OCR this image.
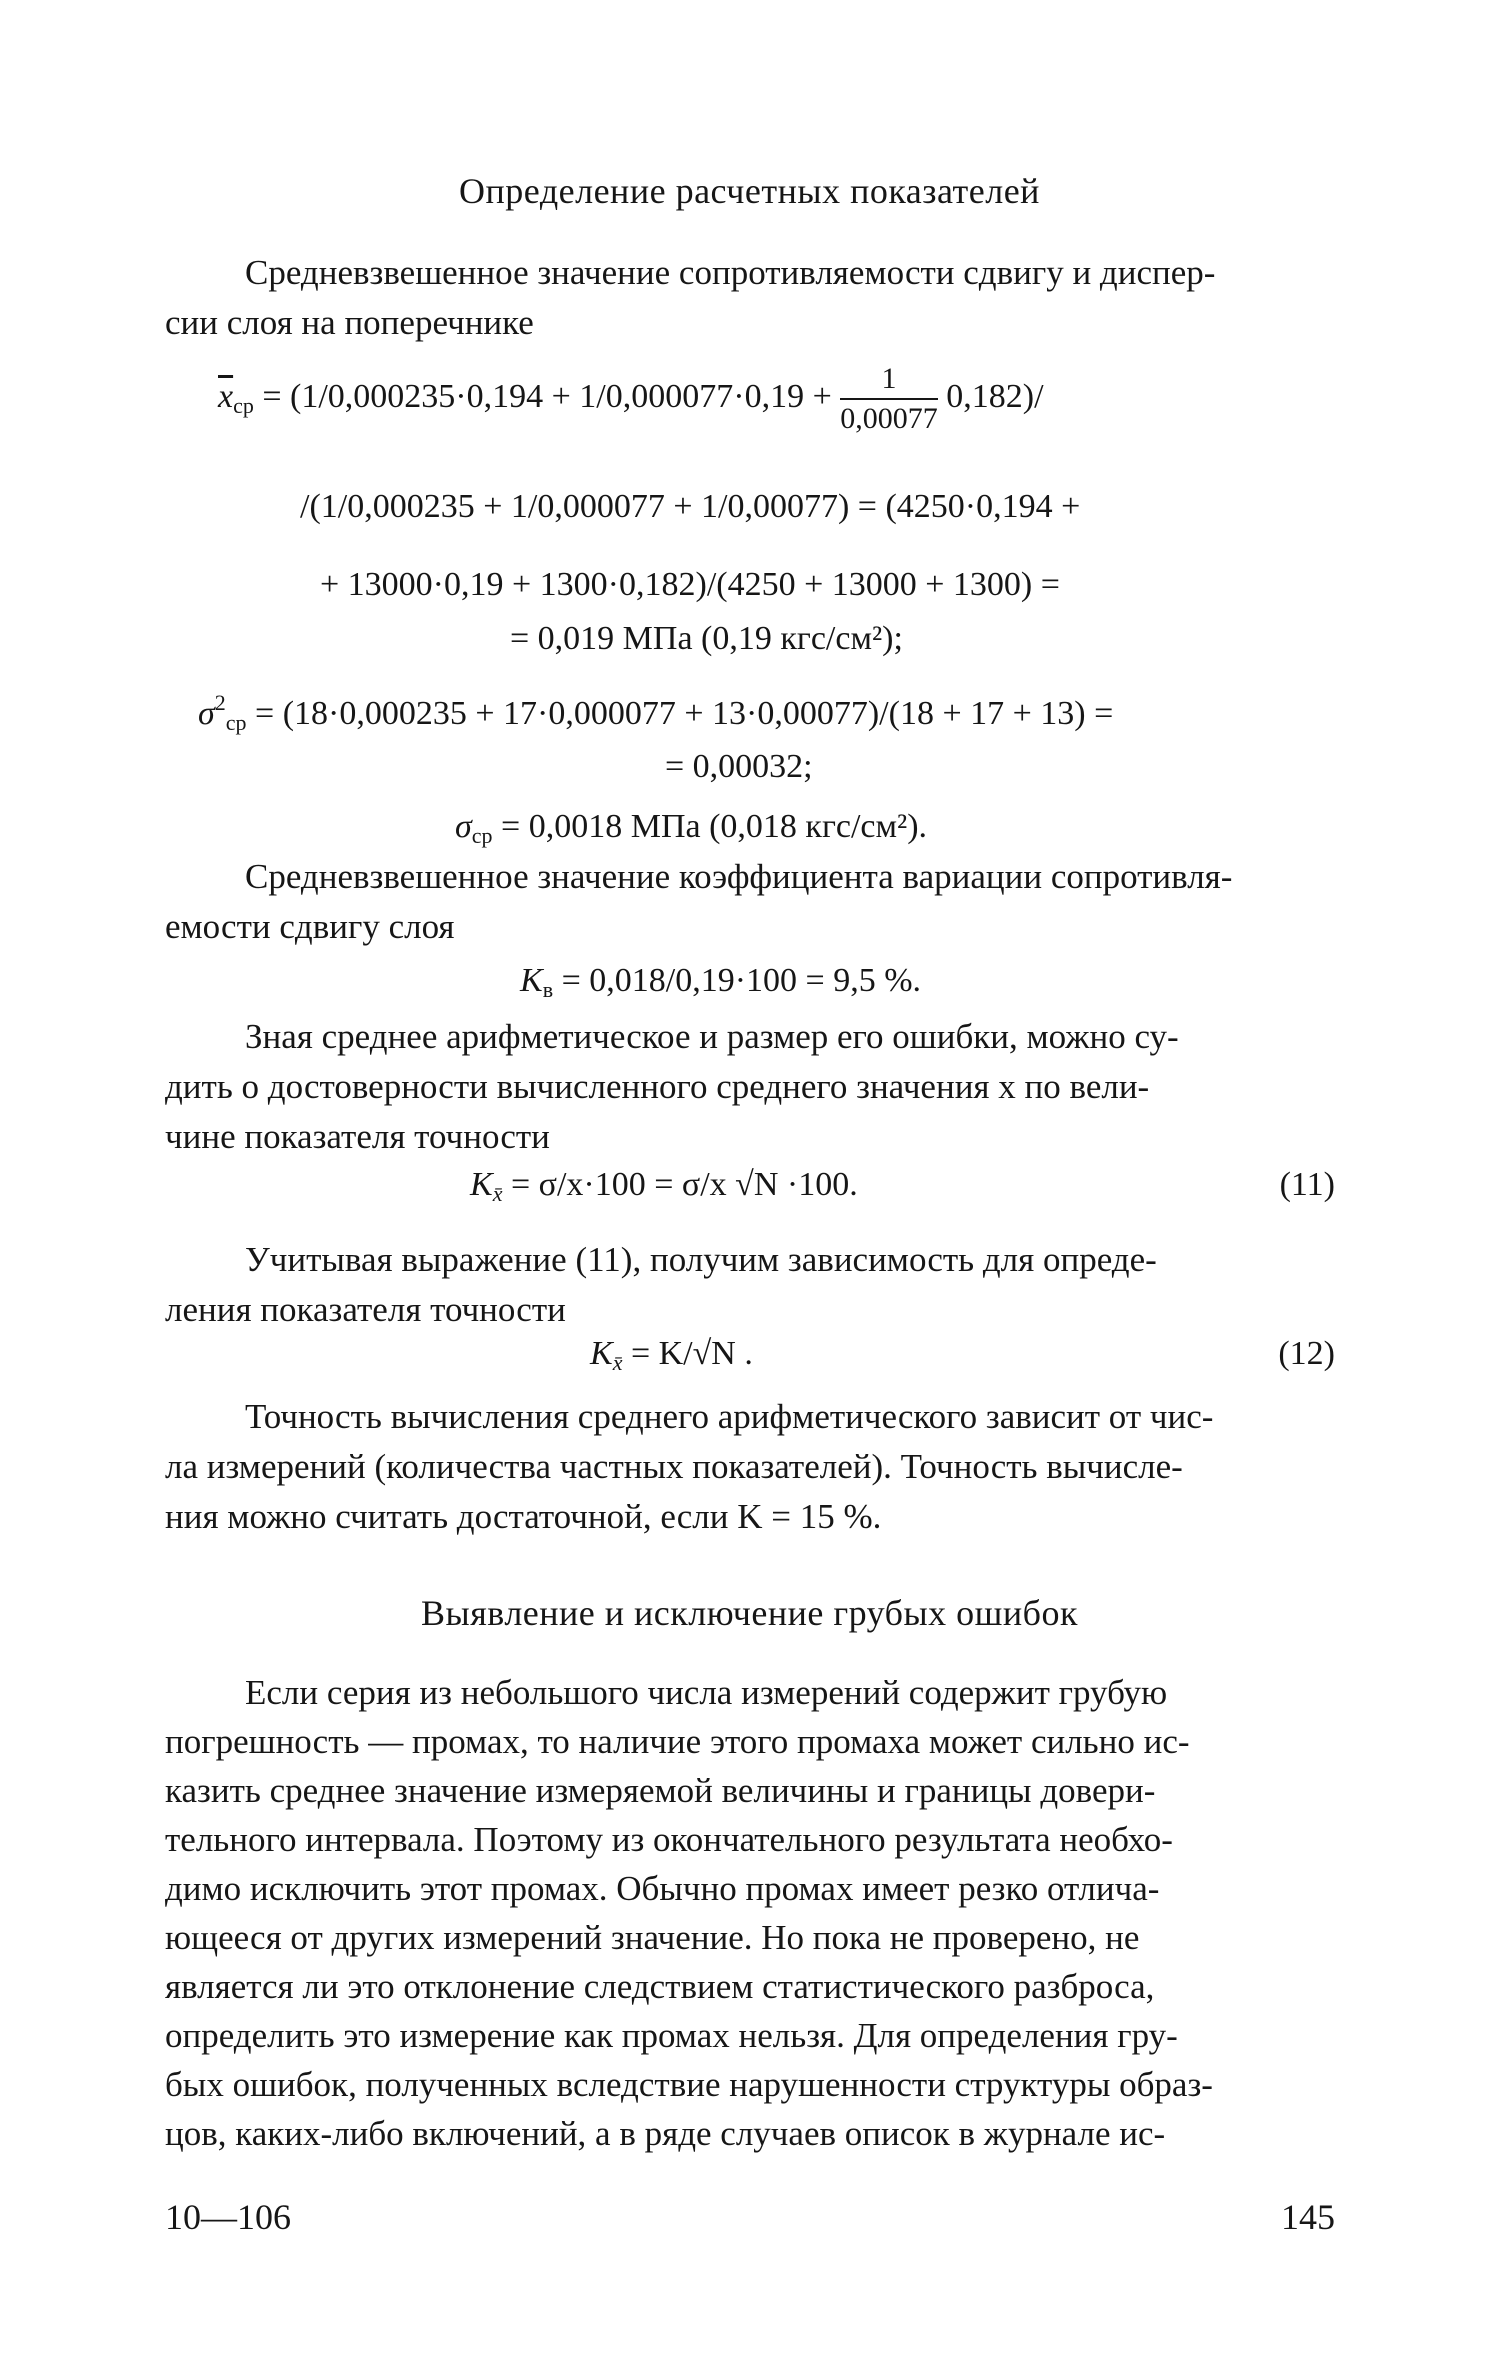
Определение расчетных показателей
Средневзвешенное значение сопротивляемости сдвигу и диспер-
сии слоя на поперечнике
$\overline{x}_{ср} = (1/0,000235\cdot 0,194 + 1/0,000077\cdot 0,19 + \frac{1}{0,00077} 0,182)/$
/(1/0,000235 + 1/0,000077 + 1/0,00077) = (4250·0,194 +
+ 13000·0,19 + 1300·0,182)/(4250 + 13000 + 1300) =
= 0,019 МПа (0,19 кгс/см²);
$\sigma^2_{ср} = (18\cdot 0,000235 + 17\cdot 0,000077 + 13\cdot 0,00077)/(18 + 17 + 13)$ =
= 0,00032;
$\sigma_{ср} = 0,0018$ МПа (0,018 кгс/см²).
Средневзвешенное значение коэффициента вариации сопротивля-
емости сдвигу слоя
$K_в = 0,018/0,19\cdot 100 = 9,5$ %.
Зная среднее арифметическое и размер его ошибки, можно су-
дить о достоверности вычисленного среднего значения x по вели-
чине показателя точности
$K_{x̄} = \sigma/x\cdot 100 = \sigma/x$ √N ·100.	(11)
Учитывая выражение (11), получим зависимость для опреде-
ления показателя точности
$K_{x̄} = K/√N$ .	(12)
Точность вычисления среднего арифметического зависит от чис-
ла измерений (количества частных показателей). Точность вычисле-
ния можно считать достаточной, если K = 15 %.
Выявление и исключение грубых ошибок
Если серия из небольшого числа измерений содержит грубую
погрешность — промах, то наличие этого промаха может сильно ис-
казить среднее значение измеряемой величины и границы довери-
тельного интервала. Поэтому из окончательного результата необхо-
димо исключить этот промах. Обычно промах имеет резко отлича-
ющееся от других измерений значение. Но пока не проверено, не
является ли это отклонение следствием статистического разброса,
определить это измерение как промах нельзя. Для определения гру-
бых ошибок, полученных вследствие нарушенности структуры образ-
цов, каких-либо включений, а в ряде случаев описок в журнале ис-
10—106	145
